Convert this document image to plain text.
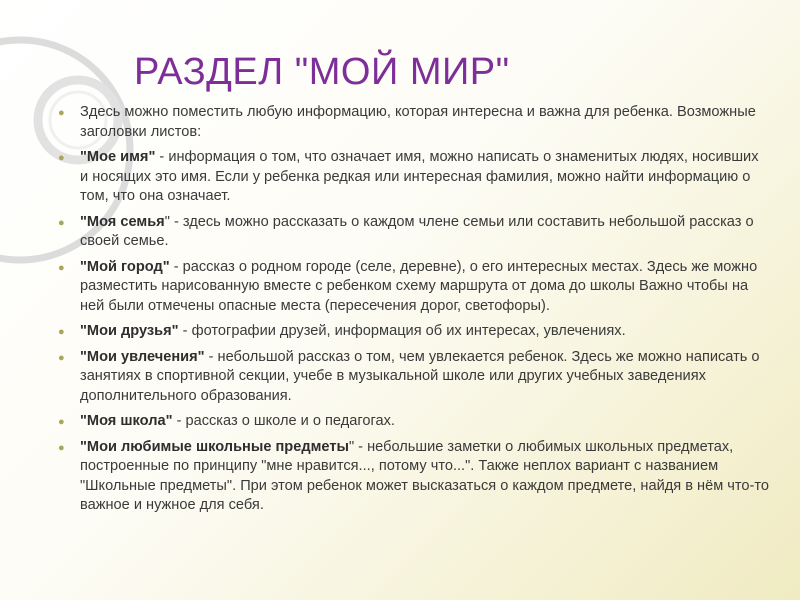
РАЗДЕЛ "МОЙ МИР"
● Здесь можно поместить любую информацию, которая интересна и важна для ребенка. Возможные заголовки листов:
● "Мое имя" - информация о том, что означает имя, можно написать о знаменитых людях, носивших и носящих это имя. Если у ребенка редкая или интересная фамилия, можно найти информацию о том, что она означает.
● "Моя семья" - здесь можно рассказать о каждом члене семьи или составить небольшой рассказ о своей семье.
● "Мой город" - рассказ о родном городе (селе, деревне), о его интересных местах. Здесь же можно разместить нарисованную вместе с ребенком схему маршрута от дома до школы Важно чтобы на ней были отмечены опасные места (пересечения дорог, светофоры).
● "Мои друзья" - фотографии друзей, информация об их интересах, увлечениях.
● "Мои увлечения" - небольшой рассказ о том, чем увлекается ребенок. Здесь же можно написать о занятиях в спортивной секции, учебе в музыкальной школе или других учебных заведениях дополнительного образования.
● "Моя школа" - рассказ о школе и о педагогах.
● "Мои любимые школьные предметы" - небольшие заметки о любимых школьных предметах, построенные по принципу "мне нравится..., потому что...". Также неплох вариант с названием "Школьные предметы". При этом ребенок может высказаться о каждом предмете, найдя в нём что-то важное и нужное для себя.
